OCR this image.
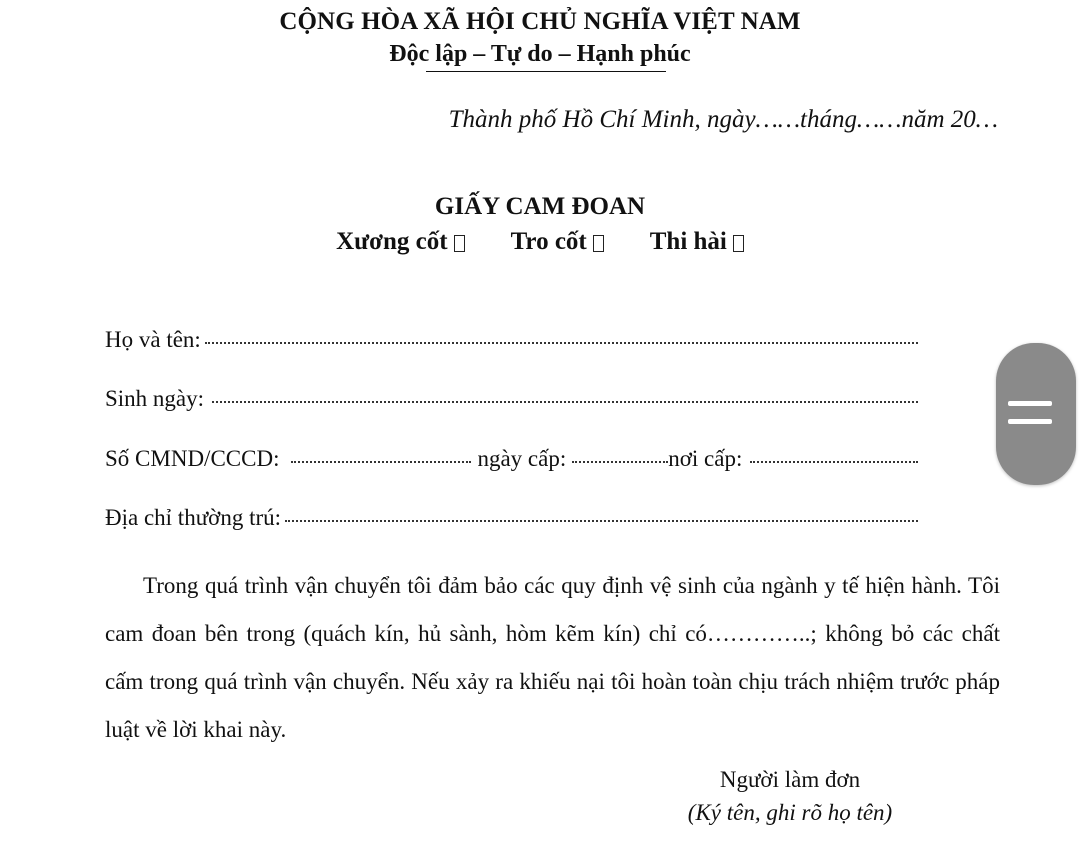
CỘNG HÒA XÃ HỘI CHỦ NGHĨA VIỆT NAM
Độc lập – Tự do – Hạnh phúc
Thành phố Hồ Chí Minh, ngày……tháng……năm 20…
GIẤY CAM ĐOAN
Xương cốt	Tro cốt	Thi hài
Họ và tên:
Sinh ngày:
Số CMND/CCCD:	ngày cấp:	nơi cấp:
Địa chỉ thường trú:
Trong quá trình vận chuyển tôi đảm bảo các quy định vệ sinh của ngành y tế hiện hành. Tôi cam đoan bên trong (quách kín, hủ sành, hòm kẽm kín) chỉ có…………..; không bỏ các chất cấm trong quá trình vận chuyển. Nếu xảy ra khiếu nại tôi hoàn toàn chịu trách nhiệm trước pháp luật về lời khai này.
Người làm đơn
(Ký tên, ghi rõ họ tên)
